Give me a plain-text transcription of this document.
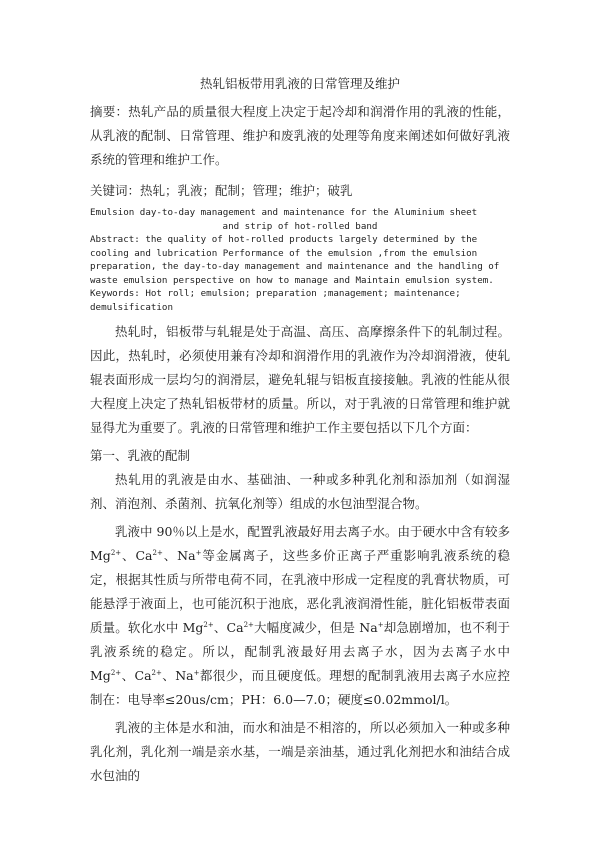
热轧铝板带用乳液的日常管理及维护

摘要：热轧产品的质量很大程度上决定于起冷却和润滑作用的乳液的性能，从乳液的配制、日常管理、维护和废乳液的处理等角度来阐述如何做好乳液系统的管理和维护工作。

关键词：热轧；乳液；配制；管理；维护；破乳

Emulsion day-to-day management and maintenance for the Aluminium sheet

and strip of hot-rolled band

Abstract: the quality of hot-rolled products largely determined by the cooling and lubrication Performance of the emulsion ,from the emulsion preparation, the day-to-day management and maintenance and the handling of waste emulsion perspective on how to manage and Maintain emulsion system.

Keywords: Hot roll; emulsion; preparation ;management; maintenance; demulsification

热轧时，铝板带与轧辊是处于高温、高压、高摩擦条件下的轧制过程。因此，热轧时，必须使用兼有冷却和润滑作用的乳液作为冷却润滑液，使轧辊表面形成一层均匀的润滑层，避免轧辊与铝板直接接触。乳液的性能从很大程度上决定了热轧铝板带材的质量。所以，对于乳液的日常管理和维护就显得尤为重要了。乳液的日常管理和维护工作主要包括以下几个方面：

第一、乳液的配制

热轧用的乳液是由水、基础油、一种或多种乳化剂和添加剂（如润湿剂、消泡剂、杀菌剂、抗氧化剂等）组成的水包油型混合物。

乳液中 90％以上是水，配置乳液最好用去离子水。由于硬水中含有较多 $Mg^{2+}$、$Ca^{2+}$、Na+等金属离子，这些多价正离子严重影响乳液系统的稳定，根据其性质与所带电荷不同，在乳液中形成一定程度的乳膏状物质，可能悬浮于液面上，也可能沉积于池底，恶化乳液润滑性能，脏化铝板带表面质量。软化水中 $Mg^{2+}$、$Ca^{2+}$大幅度减少，但是 Na+却急剧增加，也不利于乳液系统的稳定。所以，配制乳液最好用去离子水，因为去离子水中 $Mg^{2+}$、$Ca^{2+}$、Na+都很少，而且硬度低。理想的配制乳液用去离子水应控制在：电导率≤20us/cm；PH：6.0—7.0；硬度≤0.02mmol/l。

乳液的主体是水和油，而水和油是不相溶的，所以必须加入一种或多种乳化剂，乳化剂一端是亲水基，一端是亲油基，通过乳化剂把水和油结合成水包油的
